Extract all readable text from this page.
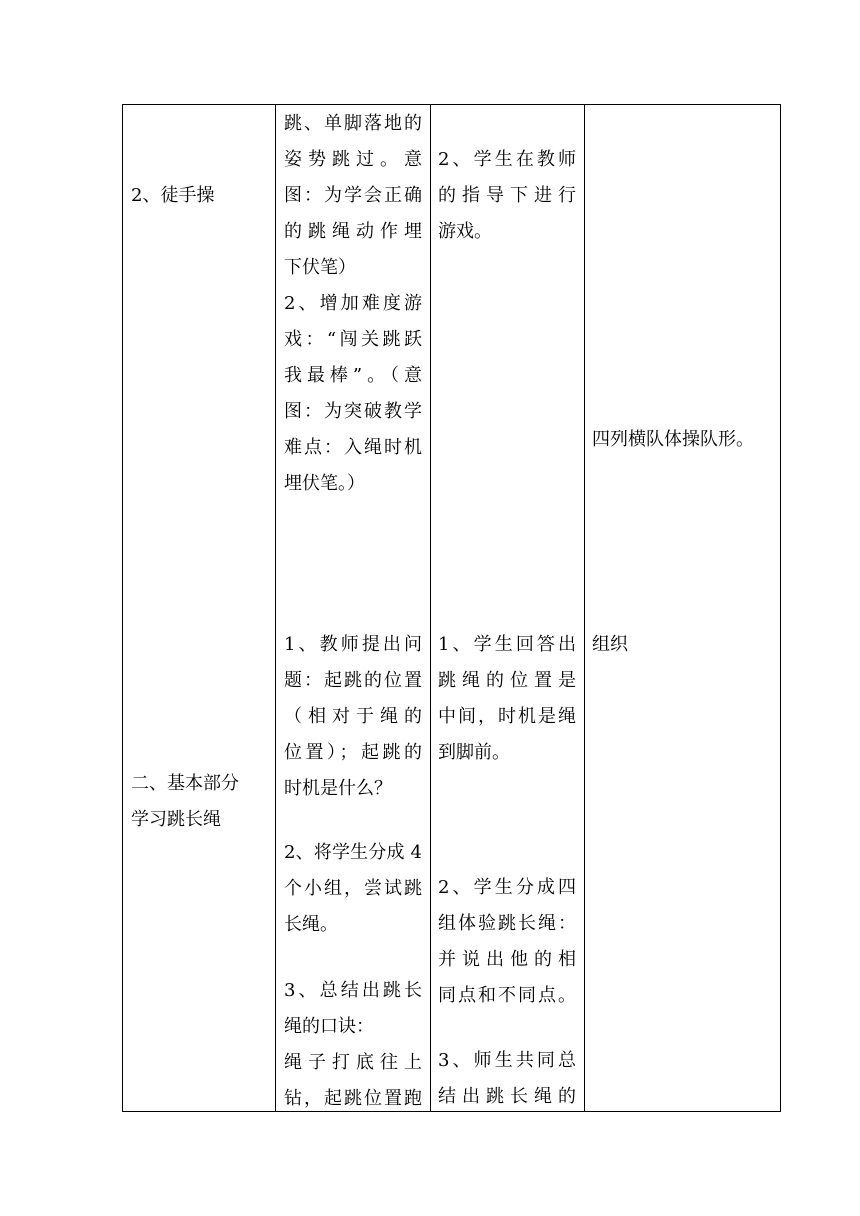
2、徒手操
二、基本部分
学习跳长绳
跳、单脚落地的
姿势跳过。意
图：为学会正确
的跳绳动作埋
下伏笔）
2、增加难度游
戏：“闯关跳跃
我最棒”。（意
图：为突破教学
难点：入绳时机
埋伏笔。）
1、教师提出问
题：起跳的位置
（相对于绳的
位置）；起跳的
时机是什么？
2、将学生分成 4
个小组，尝试跳
长绳。
3、总结出跳长
绳的口诀：
绳子打底往上
钻，起跳位置跑
2、学生在教师
的指导下进行
游戏。
1、学生回答出
跳绳的位置是
中间，时机是绳
到脚前。
2、学生分成四
组体验跳长绳：
并说出他的相
同点和不同点。
3、师生共同总
结出跳长绳的
四列横队体操队形。
组织
